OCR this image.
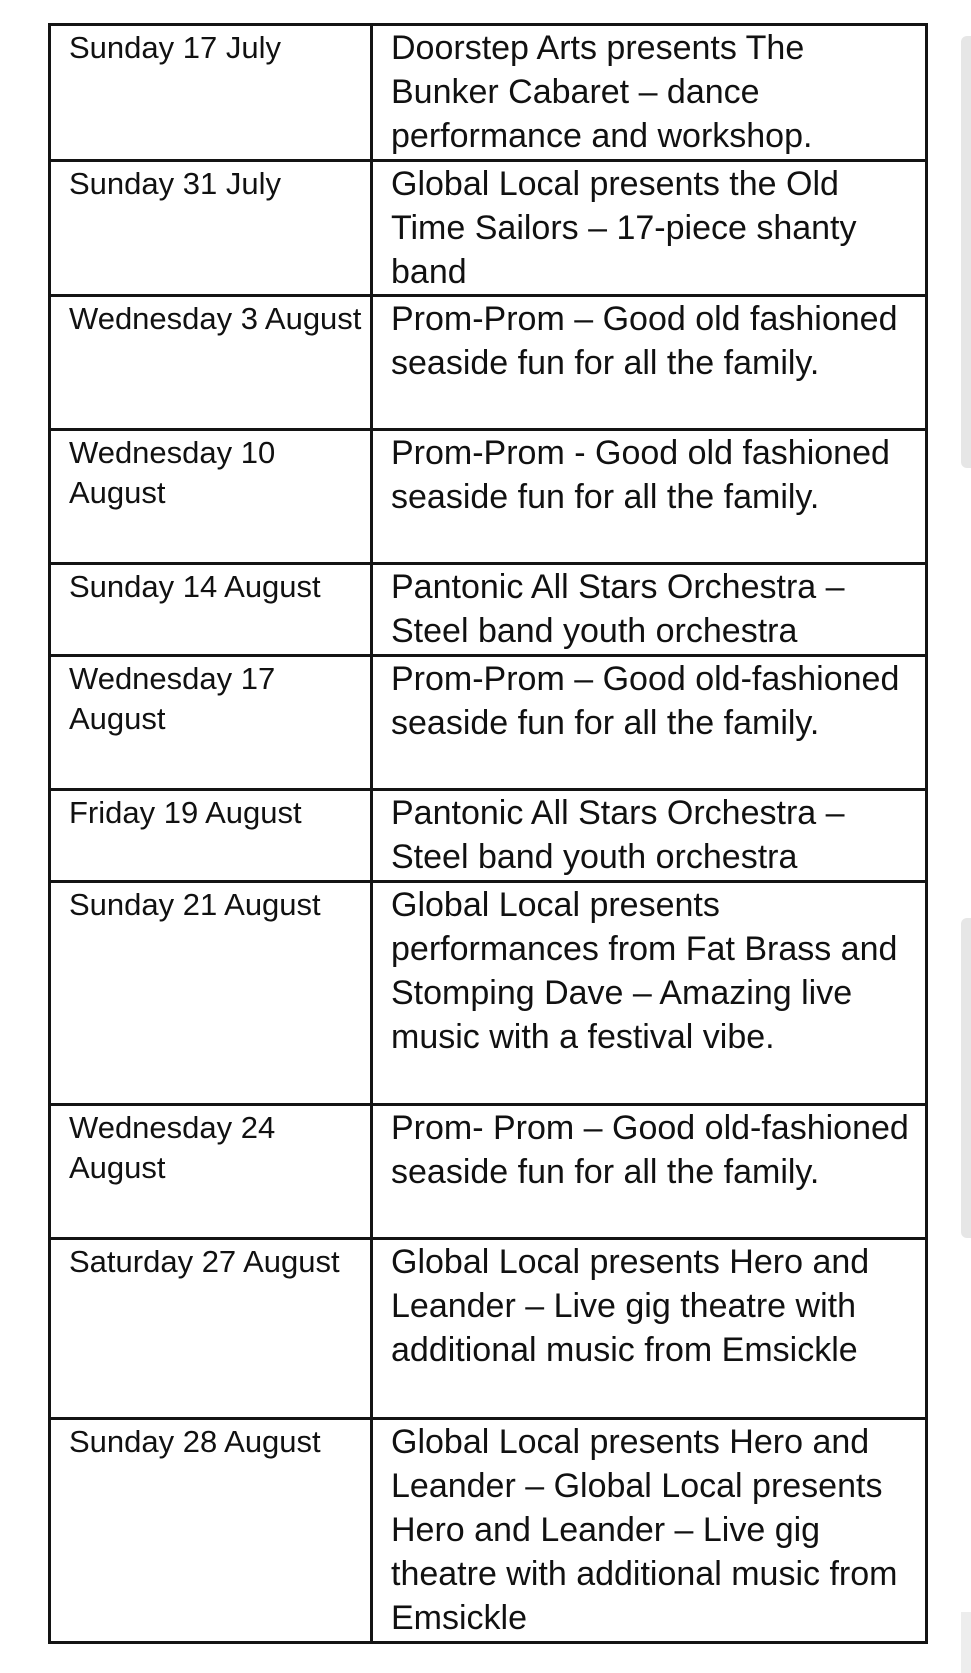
Sunday 17 July	Doorstep Arts presents The Bunker Cabaret – dance performance and workshop.
Sunday 31 July	Global Local presents the Old Time Sailors – 17-piece shanty band
Wednesday 3 August	Prom-Prom – Good old fashioned seaside fun for all the family.
Wednesday 10 August	Prom-Prom - Good old fashioned seaside fun for all the family.
Sunday 14 August	Pantonic All Stars Orchestra – Steel band youth orchestra
Wednesday 17 August	Prom-Prom – Good old-fashioned seaside fun for all the family.
Friday 19 August	Pantonic All Stars Orchestra – Steel band youth orchestra
Sunday 21 August	Global Local presents performances from Fat Brass and Stomping Dave – Amazing live music with a festival vibe.
Wednesday 24 August	Prom- Prom – Good old-fashioned seaside fun for all the family.
Saturday 27 August	Global Local presents Hero and Leander – Live gig theatre with additional music from Emsickle
Sunday 28 August	Global Local presents Hero and Leander – Global Local presents Hero and Leander – Live gig theatre with additional music from Emsickle
